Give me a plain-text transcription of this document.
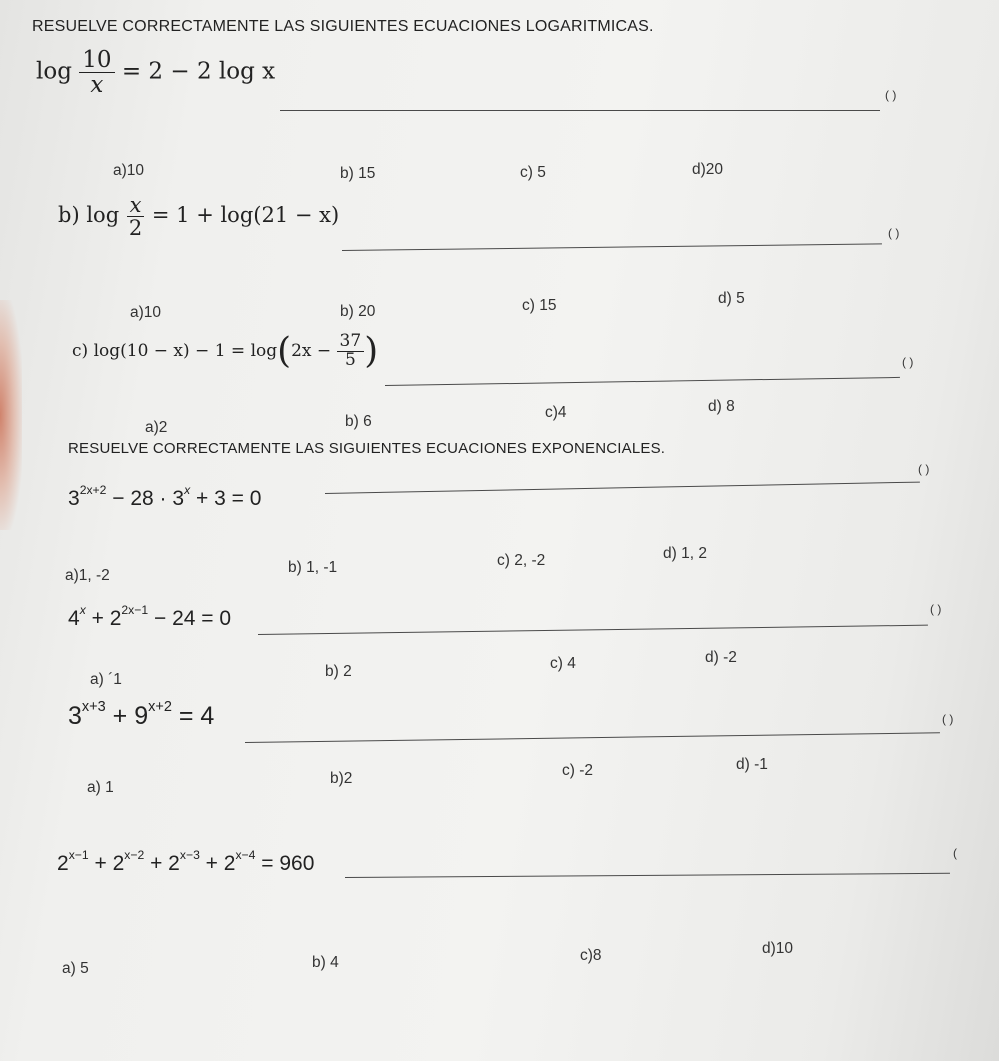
RESUELVE CORRECTAMENTE LAS SIGUIENTES ECUACIONES LOGARITMICAS.
$\log \frac{10}{x} = 2 - 2$ log x
( )
a)10	b) 15	c) 5	d)20
b) $\log \frac{x}{2} = 1 + \log(21 - x)$
( )
a)10	b) 20	c) 15	d) 5
c) $\log(10 - x) - 1 = \log(2x - \frac{37}{5}$ )	( )
a)2	b) 6
c)4	d) 8
RESUELVE CORRECTAMENTE LAS SIGUIENTES ECUACIONES EXPONENCIALES.
$3^{2x+2} - 28 \cdot 3^x + 3 = 0$
( )
a)1, -2	b) 1, -1	c) 2, -2	d) 1, 2
$4^x + 2^{2x-1} - 24 = 0$	( )
a) ´1	b) 2	c) 4	d) -2
$3^{x+3} + 9^{x+2} = 4$	( )
a) 1
b)2	c) -2	d) -1
$2^{x-1} + 2^{x-2} + 2^{x-3} + 2^{x-4} = 960$	(
a) 5	b) 4	c)8	d)10
